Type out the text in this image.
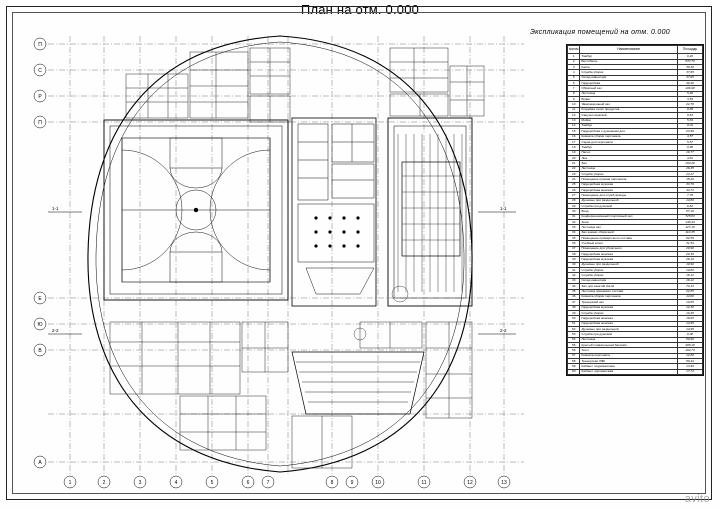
План на отм. 0.000
Экспликация помещений на отм. 0.000
№пом	Наименование	Площадь
1	Тамбур	9,20
2	Вестибюль	537,70
3	Касса	38,30
4	Служба уборки	37,65
5	Склад инвентаря	37,65
6	Гардеробная	49,40
7	Обратный зал	106,98
8	Лестница	5,46
9	Буфет	3,54
10	Эвакуационный зал	22,78
11	Кладовка сухих продуктов	8,89
12	Санузел мужской	8,63
13	Мойка	5,84
14	Тамбур	9,01
15	Гардеробная с душевыми для	23,99
16	Комната уборки персонала	4,57
17	Сауна для персонала	5,57
18	Тамбур	9,98
19	Насос	19,77
20	Люк	4,81
21	Зал	100,26
22	Лестница	26,45
23	Служба уборки	14,17
24	Помещение приема персонала	15,20
25	Гардеробная мужская	33,70
26	Гардеробная женская	34,71
27	Помещение для служб аренды	7,78
28	Душевые при раздельной	14,80
29	Служба при душевой	6,82
30	Вход	87,19
31	Конференционный спортивный зал	725,83
32	Зона	148,44
33	Лестница зал	127,19
34	Зал комнат сборочной	110,35
35	Помещение примерочного состава	62,59
36	Учебный класс	31,54
37	Помещение для уборочного	20,90
38	Гардеробная женская	20,39
39	Гардеробная мужская	26,19
40	Душевые при раздельной	10,90
41	Служба уборки	10,80
42	Служба уборки	16,12
43	Склад инвентаря	16,12
44	Зал для занятий йогой	74,13
45	Лестница приемного состава	22,85
46	Комната уборки персонала	14,00
47	Тренерский зал	10,85
48	Гардеробная мужская	12,30
49	Служба уборки	10,45
50	Гардеробная женская	16,65
51	Гардеробная женская	14,95
52	Душевые при раздельной	14,95
53	Служба при душевой	8,08
54	Лестница	80,09
55	Крытый плавательный бассейн	488,18
56	Холл	102,74
57	Комната персонала	12,80
58	Тренерская ЛФК	59,44
59	Кабинет гидромассажа	13,99
60	Кабинет хиромассажа	17,74
1	2	3	4	5	6	7	8	9	10	11	12	13
П
С
Р
П
Е
Ю
В
А
1-1
2-2
1-1
2-2
avito
